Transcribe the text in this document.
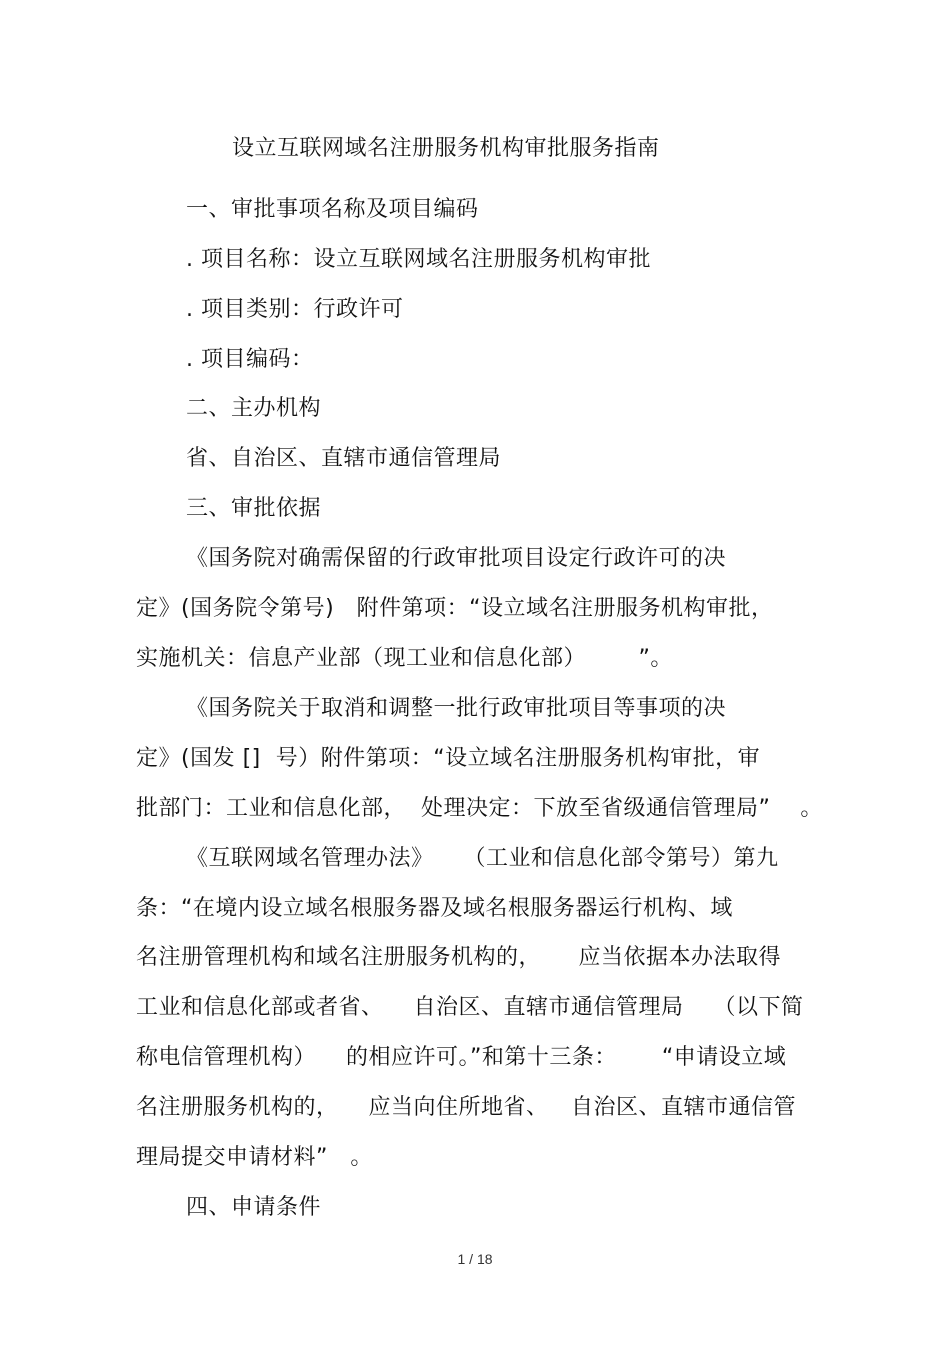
设立互联网域名注册服务机构审批服务指南
一、审批事项名称及项目编码
. 项目名称：设立互联网域名注册服务机构审批
. 项目类别：行政许可
. 项目编码：
二、主办机构
省、自治区、直辖市通信管理局
三、审批依据
《国务院对确需保留的行政审批项目设定行政许可的决
定》(国务院令第号)   附件第项：“设立域名注册服务机构审批，
实施机关：信息产业部（现工业和信息化部）       ”。
《国务院关于取消和调整一批行政审批项目等事项的决
定》(国发 []  号）附件第项：“设立域名注册服务机构审批，审
批部门：工业和信息化部，  处理决定：下放至省级通信管理局”    。
《互联网域名管理办法》    （工业和信息化部令第号）第九
条：“在境内设立域名根服务器及域名根服务器运行机构、域
名注册管理机构和域名注册服务机构的，     应当依据本办法取得
工业和信息化部或者省、    自治区、直辖市通信管理局    （以下简
称电信管理机构）    的相应许可。”和第十三条：      “申请设立域
名注册服务机构的，    应当向住所地省、   自治区、直辖市通信管
理局提交申请材料”   。
四、申请条件
1 / 18
